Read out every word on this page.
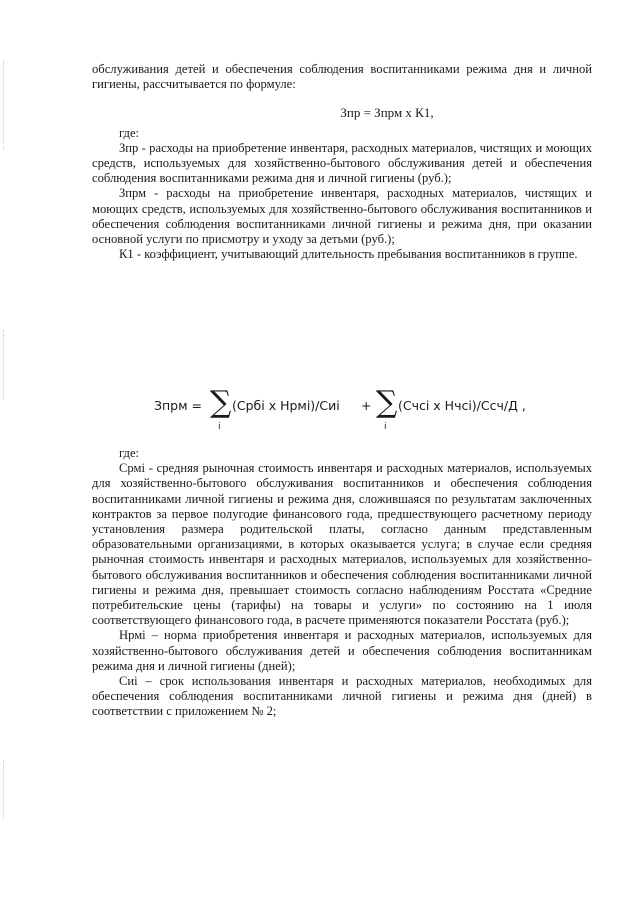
обслуживания детей и обеспечения соблюдения воспитанниками режима дня и личной гигиены, рассчитывается по формуле:

Зпр = Зпрм х К1,

где:

Зпр - расходы на приобретение инвентаря, расходных материалов, чистящих и моющих средств, используемых для хозяйственно-бытового обслуживания детей и обеспечения соблюдения воспитанниками режима дня и личной гигиены (руб.);

Зпрм - расходы на приобретение инвентаря, расходных материалов, чистящих и моющих средств, используемых для хозяйственно-бытового обслуживания воспитанников и обеспечения соблюдения воспитанниками личной гигиены и режима дня, при оказании основной услуги по присмотру и уходу за детьми (руб.);

К1 - коэффициент, учитывающий длительность пребывания воспитанников в группе.

Зпрм = ∑
i
(Србi х Нрмi)/Сиi + ∑
i
(Счсi х Нчсi)/Ссч/Д ,

где:

Срмi - средняя рыночная стоимость инвентаря и расходных материалов, используемых для хозяйственно-бытового обслуживания воспитанников и обеспечения соблюдения воспитанниками личной гигиены и режима дня, сложившаяся по результатам заключенных контрактов за первое полугодие финансового года, предшествующего расчетному периоду установления размера родительской платы, согласно данным представленным образовательными организациями, в которых оказывается услуга; в случае если средняя рыночная стоимость инвентаря и расходных материалов, используемых для хозяйственно-бытового обслуживания воспитанников и обеспечения соблюдения воспитанниками личной гигиены и режима дня, превышает стоимость согласно наблюдениям Росстата «Средние потребительские цены (тарифы) на товары и услуги» по состоянию на 1 июля соответствующего финансового года, в расчете применяются показатели Росстата (руб.);

Нрмi – норма приобретения инвентаря и расходных материалов, используемых для хозяйственно-бытового обслуживания детей и обеспечения соблюдения воспитанникам режима дня и личной гигиены (дней);

Сиi – срок использования инвентаря и расходных материалов, необходимых для обеспечения соблюдения воспитанниками личной гигиены и режима дня (дней) в соответствии с приложением № 2;
